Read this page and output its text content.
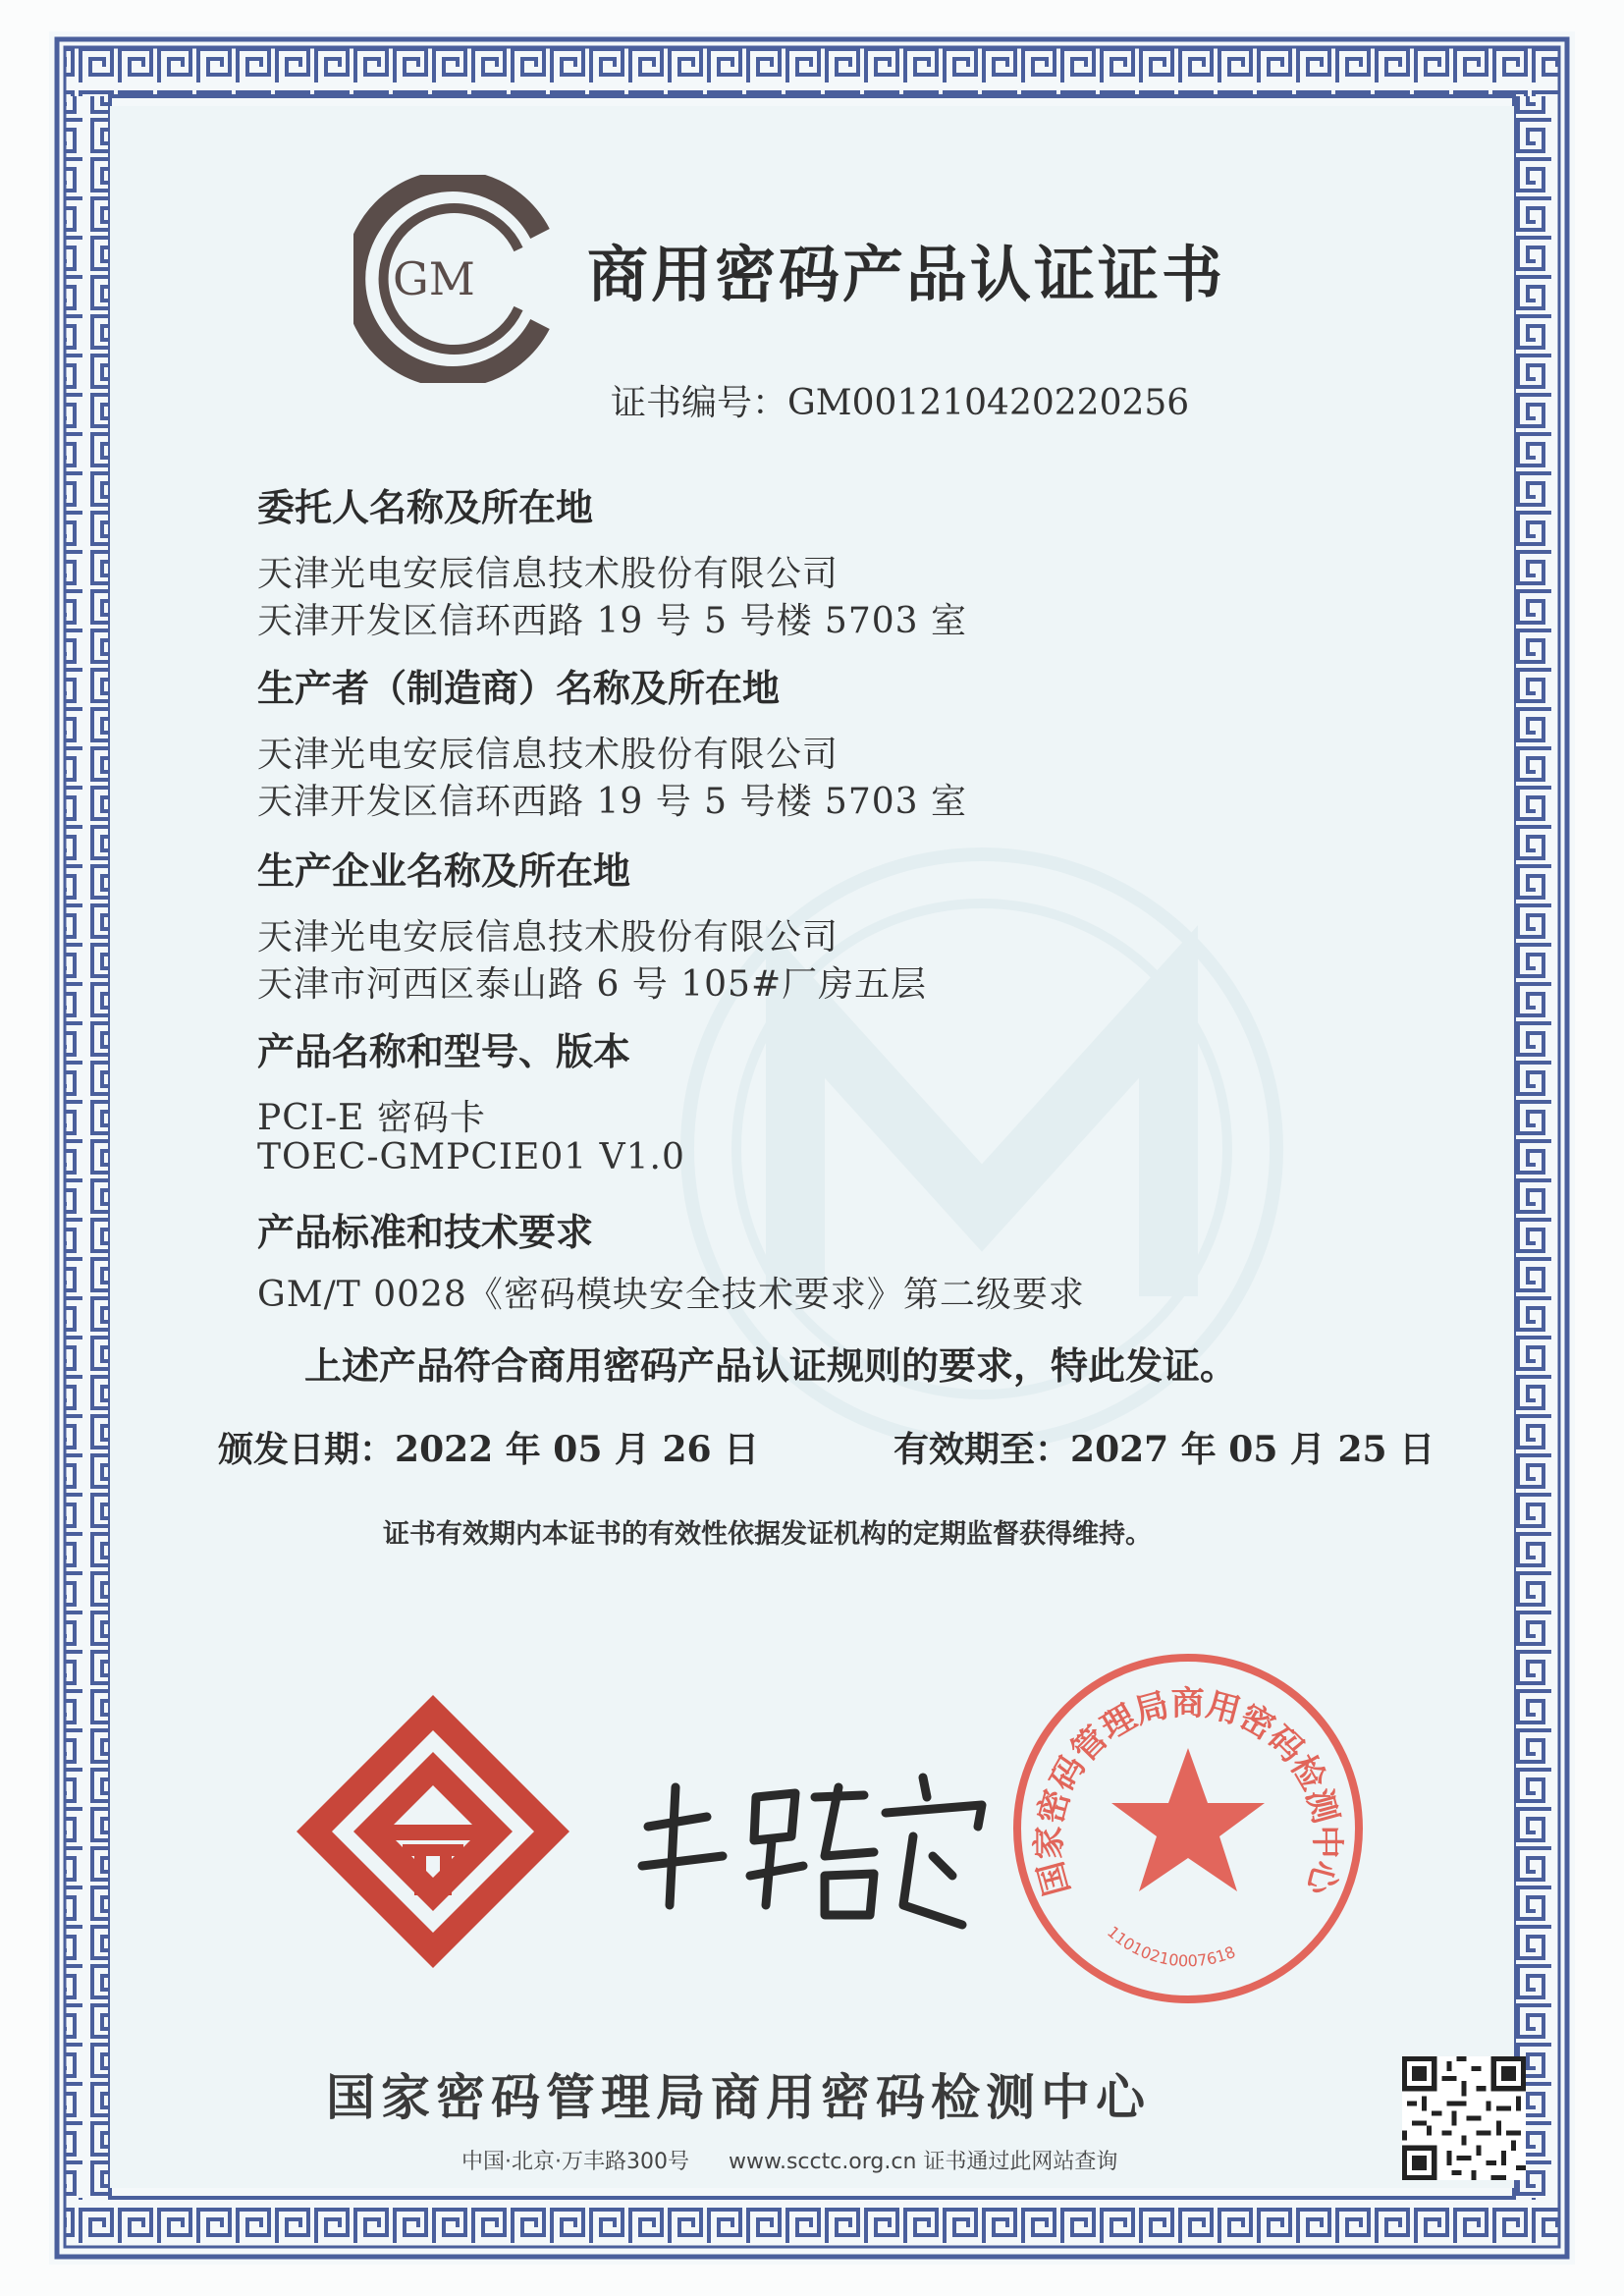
GM 商用密码产品认证证书
证书编号：GM001210420220256
委托人名称及所在地
天津光电安辰信息技术股份有限公司
天津开发区信环西路 19 号 5 号楼 5703 室
生产者（制造商）名称及所在地
天津光电安辰信息技术股份有限公司
天津开发区信环西路 19 号 5 号楼 5703 室
生产企业名称及所在地
天津光电安辰信息技术股份有限公司
天津市河西区泰山路 6 号 105#厂房五层
产品名称和型号、版本
PCI-E 密码卡
TOEC-GMPCIE01 V1.0
产品标准和技术要求
GM/T 0028《密码模块安全技术要求》第二级要求
上述产品符合商用密码产品认证规则的要求，特此发证。
颁发日期：2022 年 05 月 26 日	有效期至：2027 年 05 月 25 日
证书有效期内本证书的有效性依据发证机构的定期监督获得维持。
国家密码管理局商用密码检测中心
1101021000761​8
国家密码管理局商用密码检测中心
中国·北京·万丰路300号 www.scctc.org.cn 证书通过此网站查询
